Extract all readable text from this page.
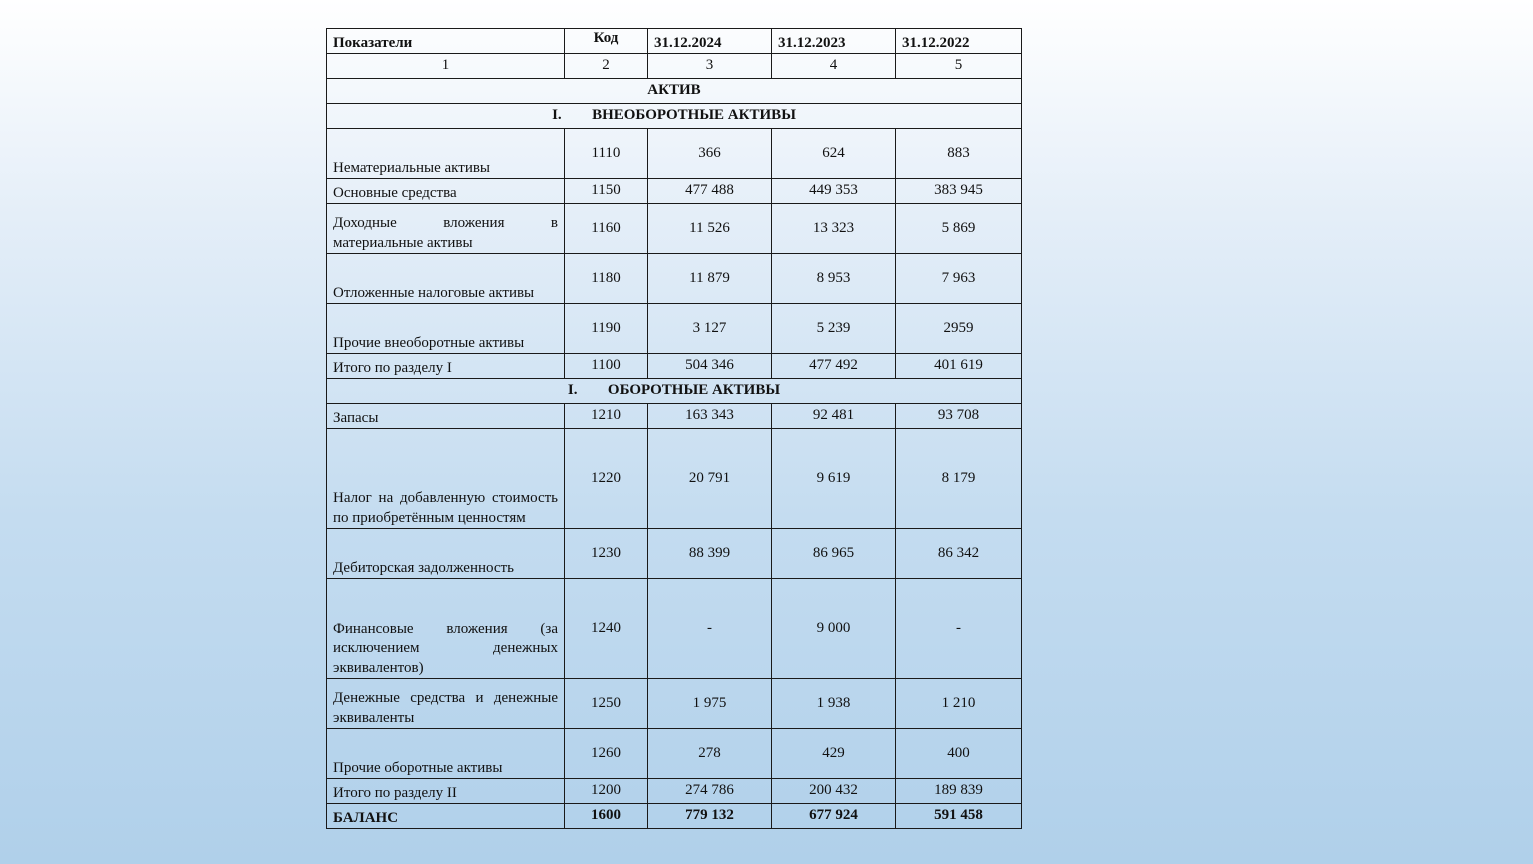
Показатели	Код	31.12.2024	31.12.2023	31.12.2022
1	2	3	4	5
АКТИВ				
I. ВНЕОБОРОТНЫЕ АКТИВЫ				
Нематериальные активы	1110	366	624	883
Основные средства	1150	477 488	449 353	383 945
Доходные вложения в материальные активы	1160	11 526	13 323	5 869
Отложенные налоговые активы	1180	11 879	8 953	7 963
Прочие внеоборотные активы	1190	3 127	5 239	2959
Итого по разделу I	1100	504 346	477 492	401 619
I. ОБОРОТНЫЕ АКТИВЫ				
Запасы	1210	163 343	92 481	93 708
Налог на добавленную стоимость по приобретённым ценностям	1220	20 791	9 619	8 179
Дебиторская задолженность	1230	88 399	86 965	86 342
Финансовые вложения (за исключением денежных эквивалентов)	1240	-	9 000	-
Денежные средства и денежные эквиваленты	1250	1 975	1 938	1 210
Прочие оборотные активы	1260	278	429	400
Итого по разделу II	1200	274 786	200 432	189 839
БАЛАНС	1600	779 132	677 924	591 458
